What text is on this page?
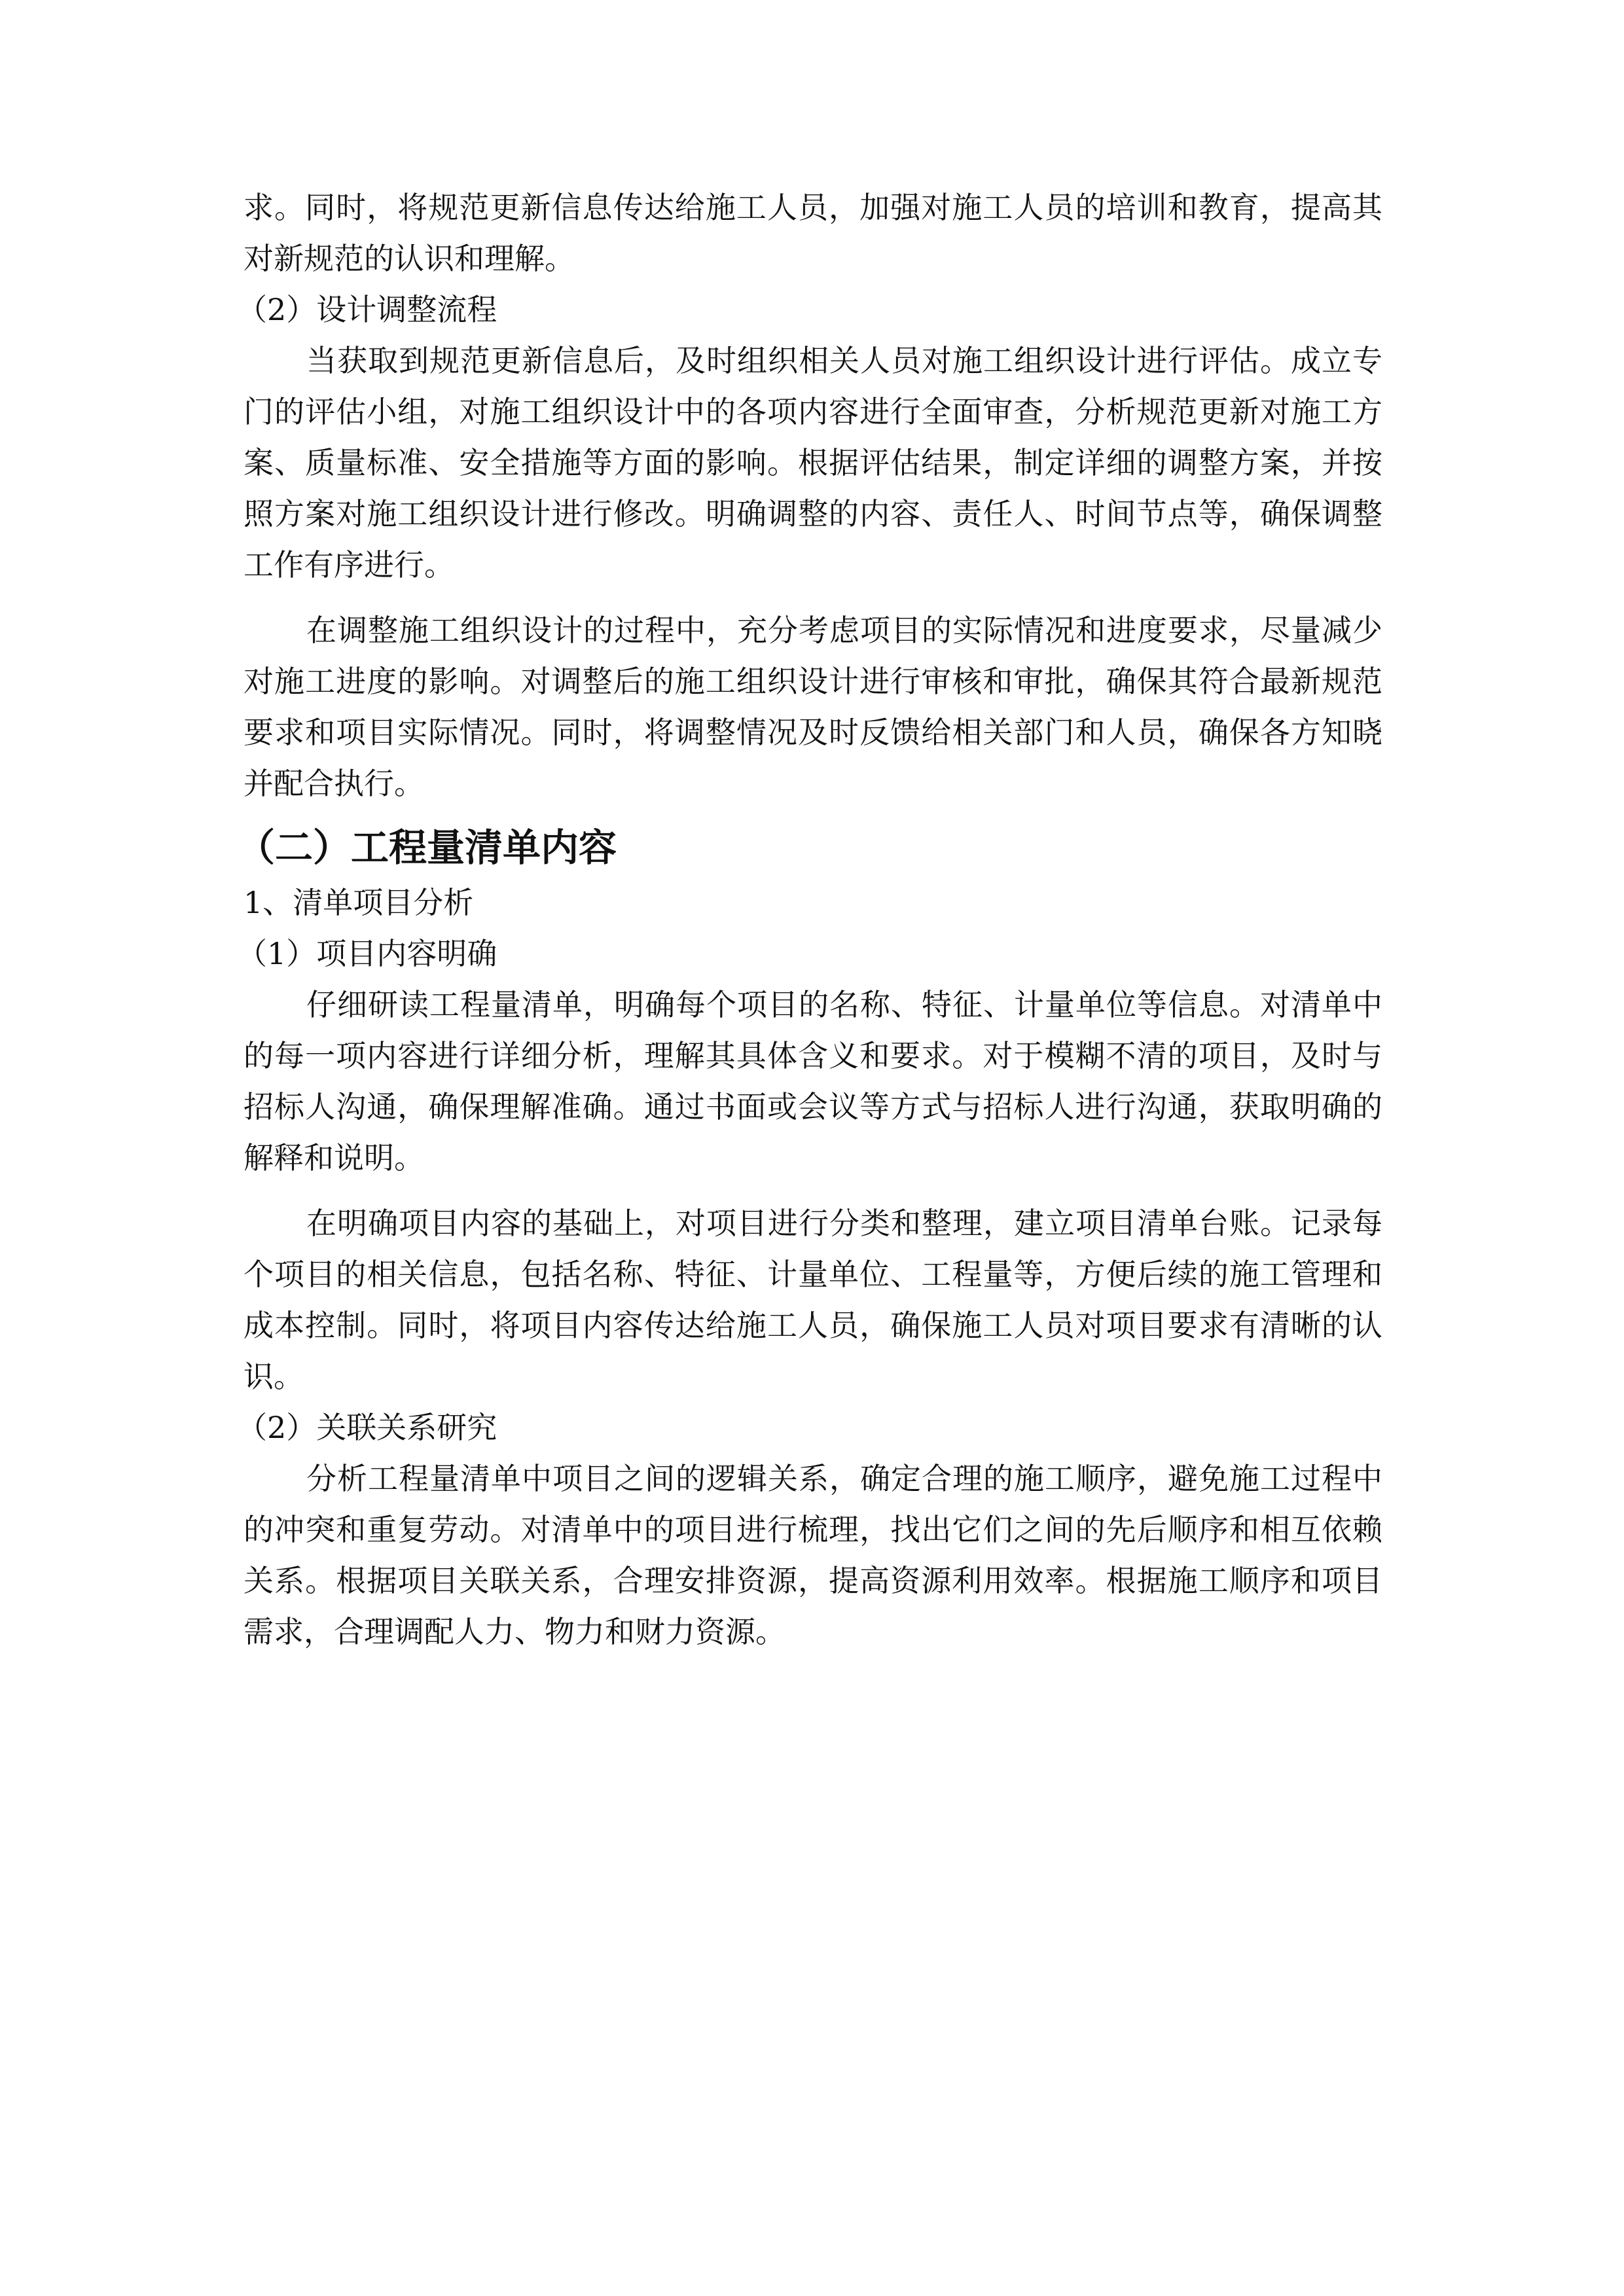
求。同时，将规范更新信息传达给施工人员，加强对施工人员的培训和教育，提高其对新规范的认识和理解。

（2）设计调整流程

当获取到规范更新信息后，及时组织相关人员对施工组织设计进行评估。成立专门的评估小组，对施工组织设计中的各项内容进行全面审查，分析规范更新对施工方案、质量标准、安全措施等方面的影响。根据评估结果，制定详细的调整方案，并按照方案对施工组织设计进行修改。明确调整的内容、责任人、时间节点等，确保调整工作有序进行。

在调整施工组织设计的过程中，充分考虑项目的实际情况和进度要求，尽量减少对施工进度的影响。对调整后的施工组织设计进行审核和审批，确保其符合最新规范要求和项目实际情况。同时，将调整情况及时反馈给相关部门和人员，确保各方知晓并配合执行。

（二）工程量清单内容

1、清单项目分析

（1）项目内容明确

仔细研读工程量清单，明确每个项目的名称、特征、计量单位等信息。对清单中的每一项内容进行详细分析，理解其具体含义和要求。对于模糊不清的项目，及时与招标人沟通，确保理解准确。通过书面或会议等方式与招标人进行沟通，获取明确的解释和说明。

在明确项目内容的基础上，对项目进行分类和整理，建立项目清单台账。记录每个项目的相关信息，包括名称、特征、计量单位、工程量等，方便后续的施工管理和成本控制。同时，将项目内容传达给施工人员，确保施工人员对项目要求有清晰的认识。

（2）关联关系研究

分析工程量清单中项目之间的逻辑关系，确定合理的施工顺序，避免施工过程中的冲突和重复劳动。对清单中的项目进行梳理，找出它们之间的先后顺序和相互依赖关系。根据项目关联关系，合理安排资源，提高资源利用效率。根据施工顺序和项目需求，合理调配人力、物力和财力资源。
